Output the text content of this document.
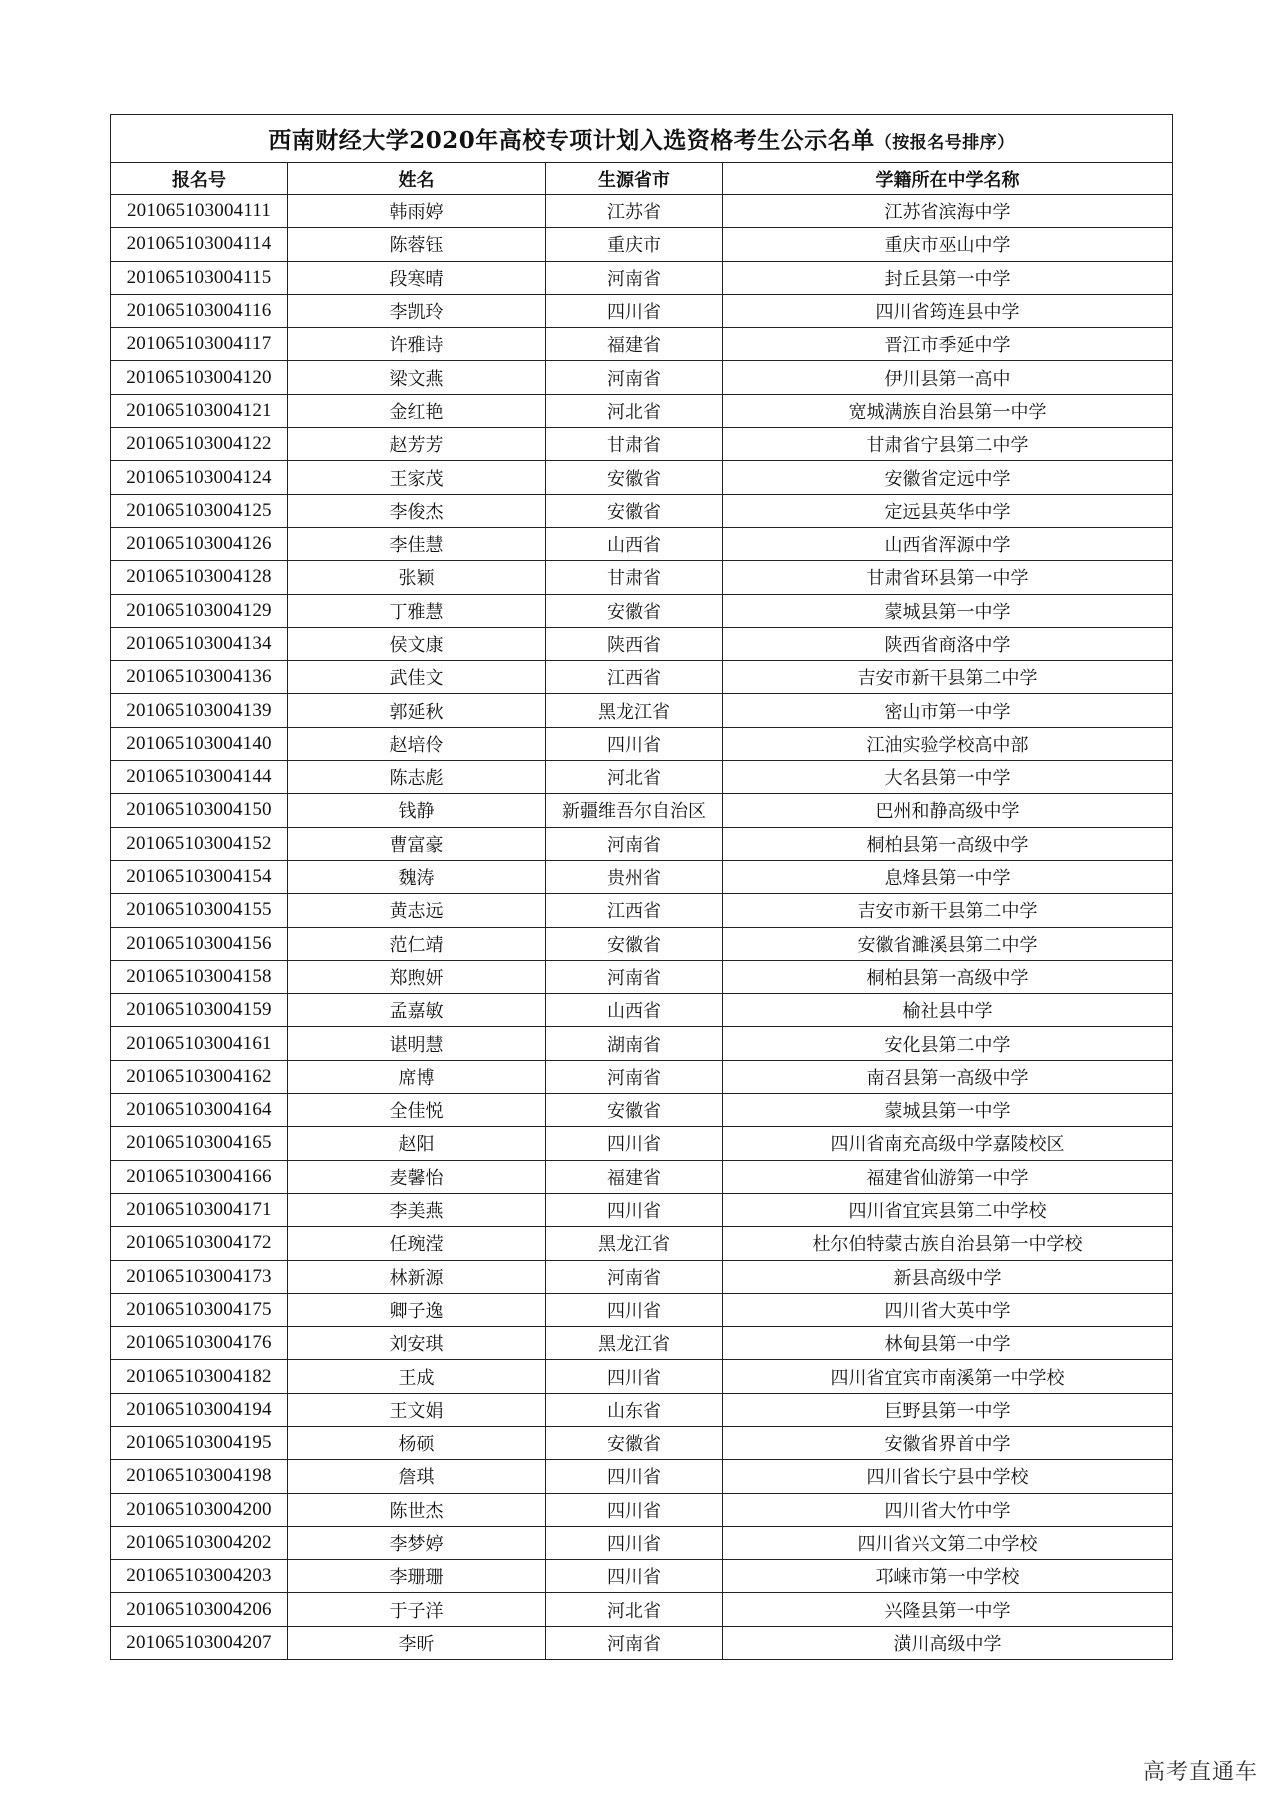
西南财经大学2020年高校专项计划入选资格考生公示名单（按报名号排序）			
报名号	姓名	生源省市	学籍所在中学名称
201065103004111	韩雨婷	江苏省	江苏省滨海中学
201065103004114	陈蓉钰	重庆市	重庆市巫山中学
201065103004115	段寒晴	河南省	封丘县第一中学
201065103004116	李凯玲	四川省	四川省筠连县中学
201065103004117	许雅诗	福建省	晋江市季延中学
201065103004120	梁文燕	河南省	伊川县第一高中
201065103004121	金红艳	河北省	宽城满族自治县第一中学
201065103004122	赵芳芳	甘肃省	甘肃省宁县第二中学
201065103004124	王家茂	安徽省	安徽省定远中学
201065103004125	李俊杰	安徽省	定远县英华中学
201065103004126	李佳慧	山西省	山西省浑源中学
201065103004128	张颖	甘肃省	甘肃省环县第一中学
201065103004129	丁雅慧	安徽省	蒙城县第一中学
201065103004134	侯文康	陕西省	陕西省商洛中学
201065103004136	武佳文	江西省	吉安市新干县第二中学
201065103004139	郭延秋	黑龙江省	密山市第一中学
201065103004140	赵培伶	四川省	江油实验学校高中部
201065103004144	陈志彪	河北省	大名县第一中学
201065103004150	钱静	新疆维吾尔自治区	巴州和静高级中学
201065103004152	曹富豪	河南省	桐柏县第一高级中学
201065103004154	魏涛	贵州省	息烽县第一中学
201065103004155	黄志远	江西省	吉安市新干县第二中学
201065103004156	范仁靖	安徽省	安徽省濉溪县第二中学
201065103004158	郑煦妍	河南省	桐柏县第一高级中学
201065103004159	孟嘉敏	山西省	榆社县中学
201065103004161	谌明慧	湖南省	安化县第二中学
201065103004162	席博	河南省	南召县第一高级中学
201065103004164	全佳悦	安徽省	蒙城县第一中学
201065103004165	赵阳	四川省	四川省南充高级中学嘉陵校区
201065103004166	麦馨怡	福建省	福建省仙游第一中学
201065103004171	李美燕	四川省	四川省宜宾县第二中学校
201065103004172	任琬滢	黑龙江省	杜尔伯特蒙古族自治县第一中学校
201065103004173	林新源	河南省	新县高级中学
201065103004175	卿子逸	四川省	四川省大英中学
201065103004176	刘安琪	黑龙江省	林甸县第一中学
201065103004182	王成	四川省	四川省宜宾市南溪第一中学校
201065103004194	王文娟	山东省	巨野县第一中学
201065103004195	杨硕	安徽省	安徽省界首中学
201065103004198	詹琪	四川省	四川省长宁县中学校
201065103004200	陈世杰	四川省	四川省大竹中学
201065103004202	李梦婷	四川省	四川省兴文第二中学校
201065103004203	李珊珊	四川省	邛崃市第一中学校
201065103004206	于子洋	河北省	兴隆县第一中学
201065103004207	李昕	河南省	潢川高级中学
高考直通车
